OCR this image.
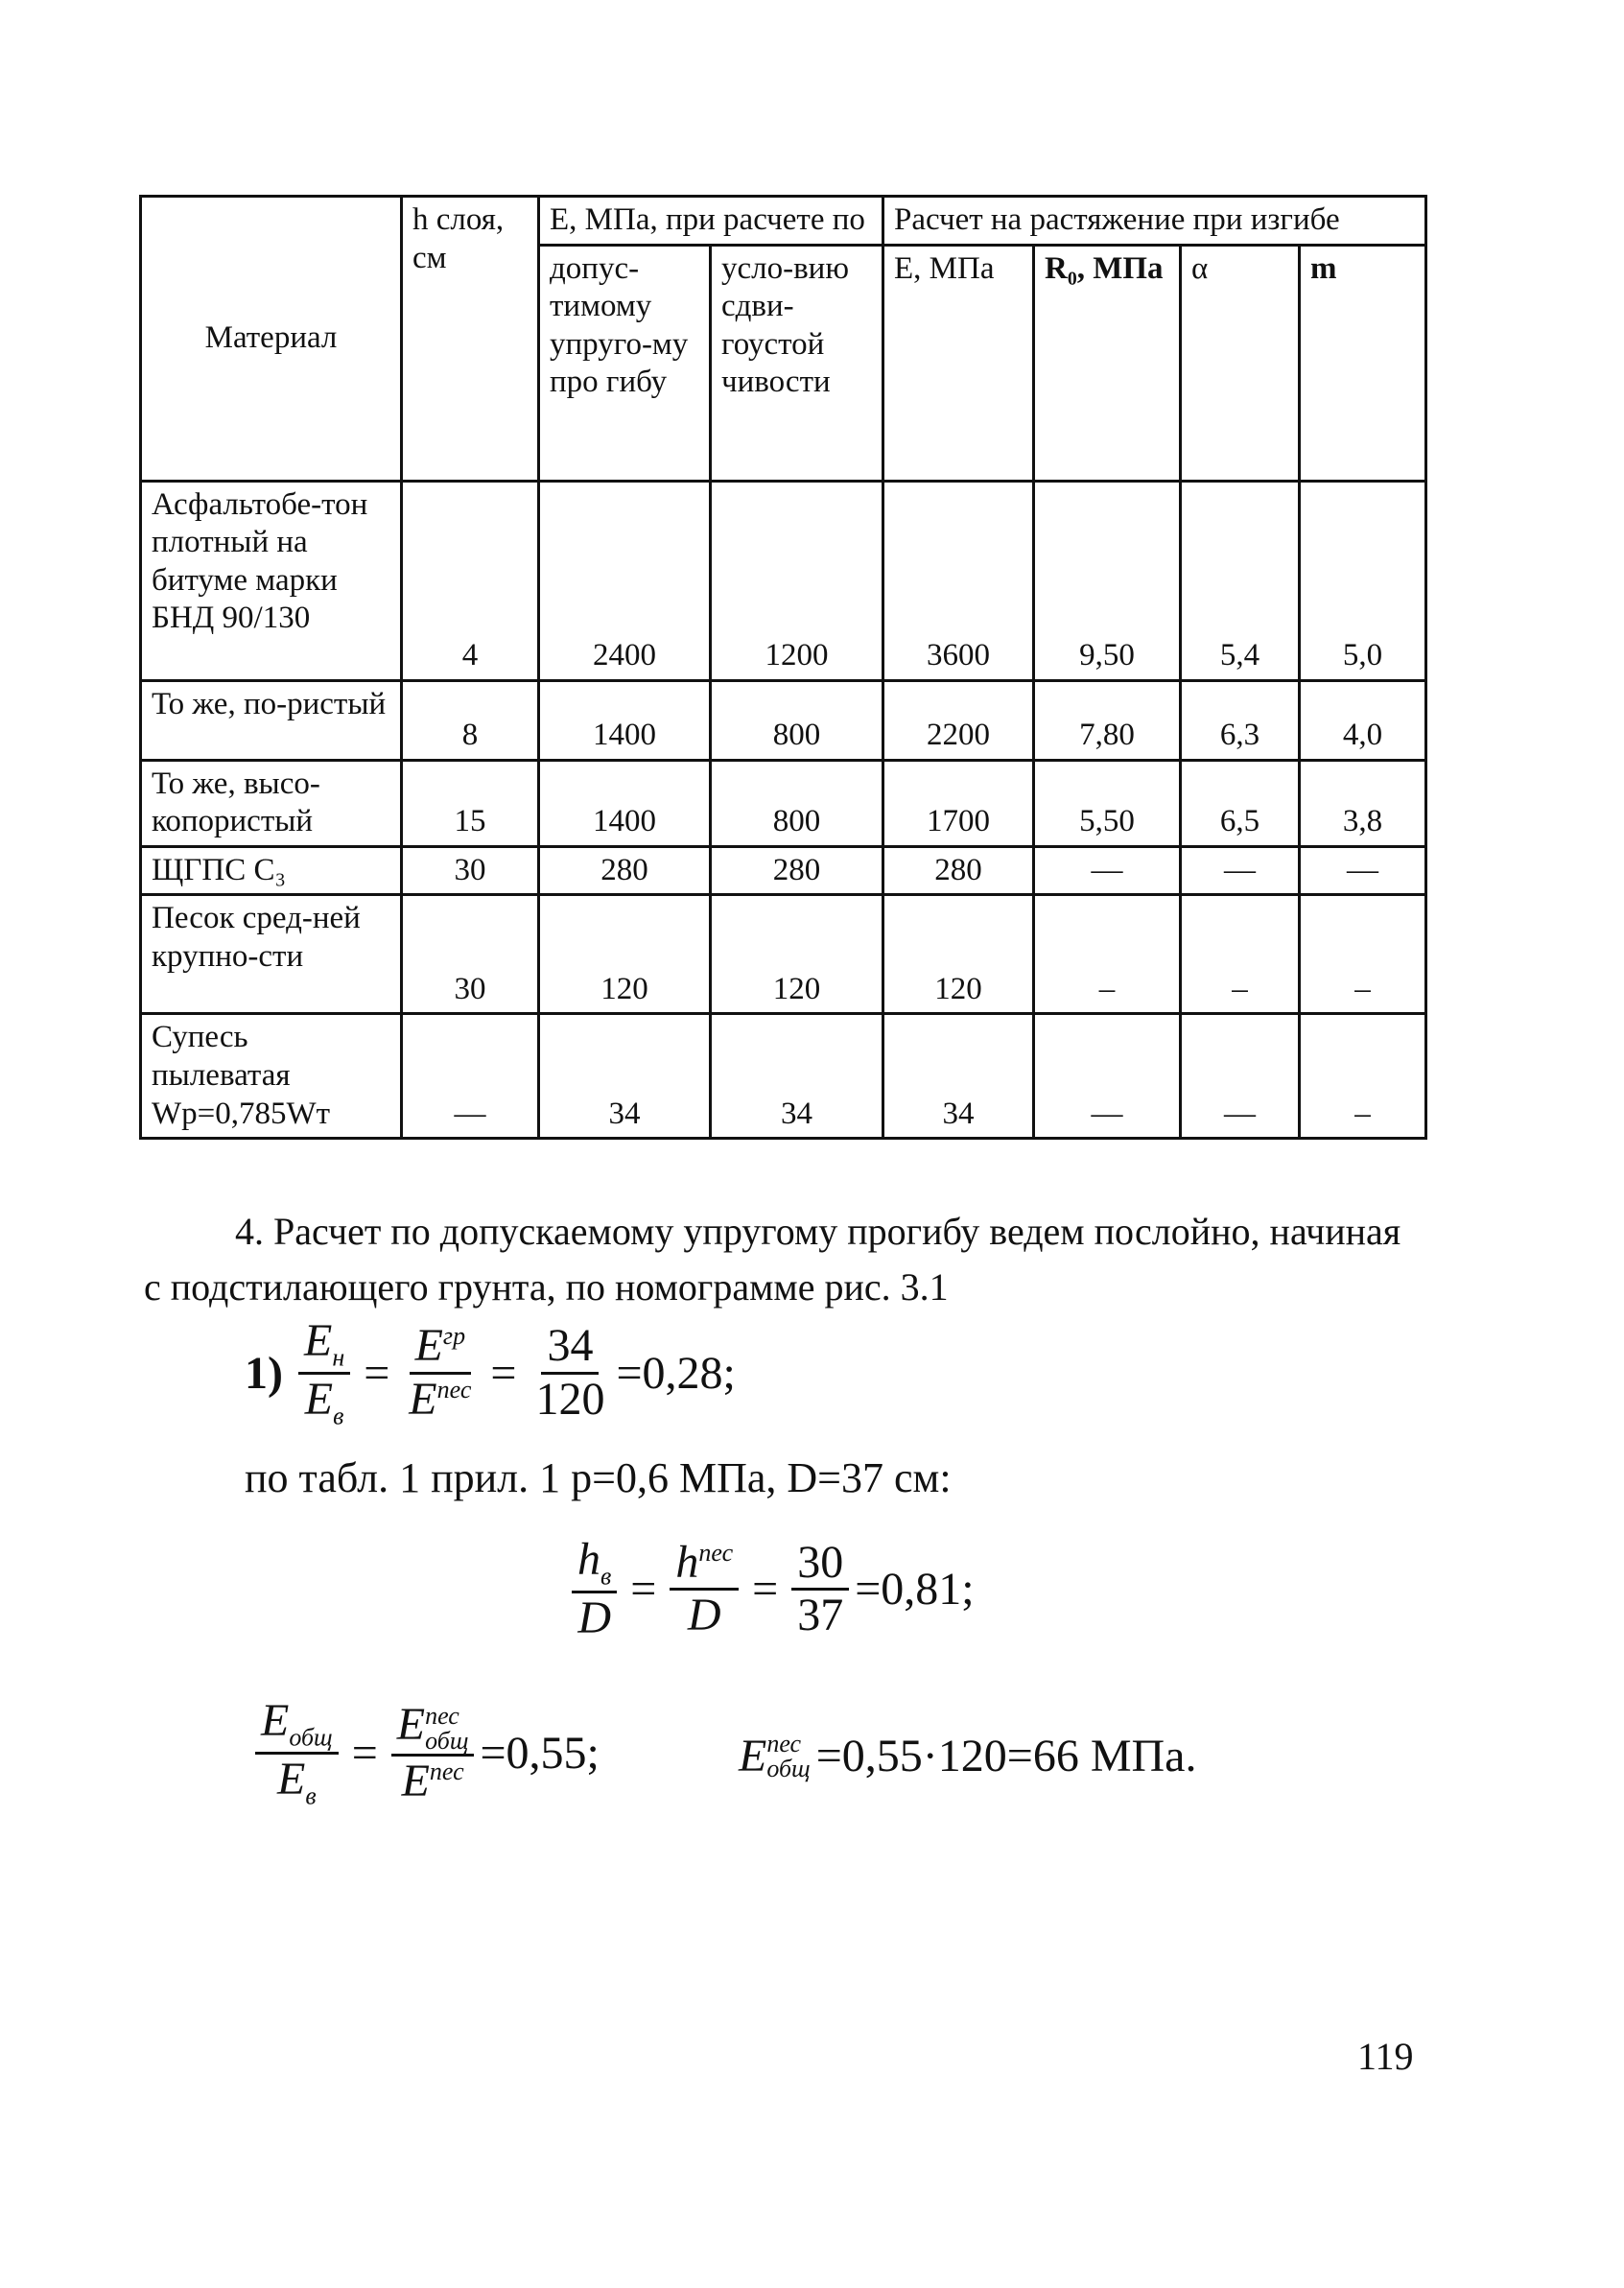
Материал	h слоя, см	Е, МПа, при расчете по		Расчет на растяжение при изгибе			
		допус-тимому упруго-му про гибу	усло-вию сдви-гоустой чивости	Е, МПа	R₀, МПа	α	m
Асфальтобе-тон плотный на битуме марки БНД 90/130	4	2400	1200	3600	9,50	5,4	5,0
То же, по-ристый	8	1400	800	2200	7,80	6,3	4,0
То же, высо-копористый	15	1400	800	1700	5,50	6,5	3,8
ЩГПС С₃	30	280	280	280	—	—	—
Песок сред-ней крупно-сти	30	120	120	120	–	–	–
Супесь пылеватая Wp=0,785Wт	—	34	34	34	—	—	–

4. Расчет по допускаемому упругому прогибу ведем послойно, начиная с подстилающего грунта, по номограмме рис. 3.1

$1) \frac{E_н}{E_в} = \frac{E^{гр}}{E^{пес}} = \frac{34}{120} =0,28$;
по табл. 1 прил. 1 p=0,6 МПа, D=37 см:
$\frac{h_в}{D} = \frac{h^{пес}}{D} = \frac{30}{37} =0,81$;
$\frac{E_{общ}}{E_в} = E$ пес
общ
$E^{пес} =0,55$;	E пес
общ =0,55·120=66 МПа.
119
